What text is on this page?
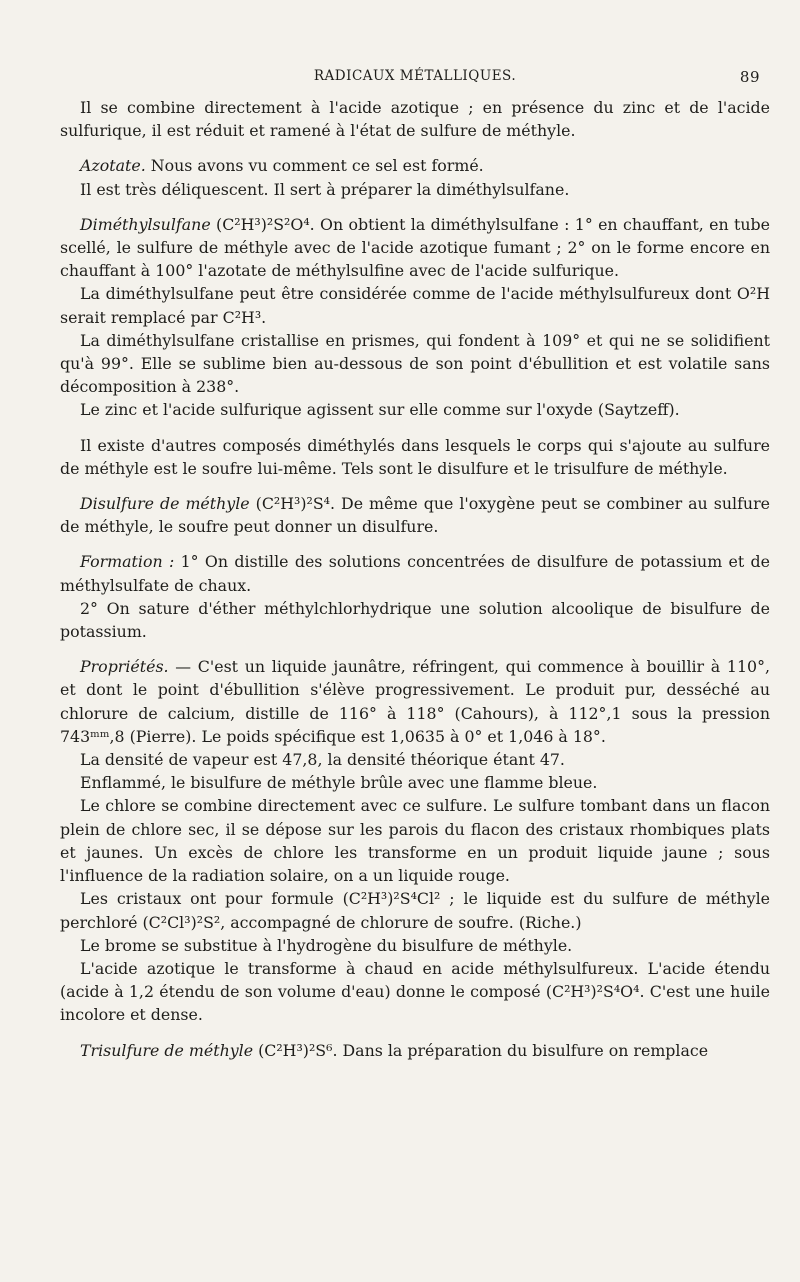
RADICAUX MÉTALLIQUES.	89

Il se combine directement à l'acide azotique ; en présence du zinc et de l'acide sulfurique, il est réduit et ramené à l'état de sulfure de méthyle.

Azotate. Nous avons vu comment ce sel est formé.

Il est très déliquescent. Il sert à préparer la diméthylsulfane.

Diméthylsulfane (C²H³)²S²O⁴. On obtient la diméthylsulfane : 1° en chauffant, en tube scellé, le sulfure de méthyle avec de l'acide azotique fumant ; 2° on le forme encore en chauffant à 100° l'azotate de méthylsulfine avec de l'acide sulfurique.

La diméthylsulfane peut être considérée comme de l'acide méthylsulfureux dont O²H serait remplacé par C²H³.

La diméthylsulfane cristallise en prismes, qui fondent à 109° et qui ne se solidifient qu'à 99°. Elle se sublime bien au-dessous de son point d'ébullition et est volatile sans décomposition à 238°.

Le zinc et l'acide sulfurique agissent sur elle comme sur l'oxyde (Saytzeff).

Il existe d'autres composés diméthylés dans lesquels le corps qui s'ajoute au sulfure de méthyle est le soufre lui-même. Tels sont le disulfure et le trisulfure de méthyle.

Disulfure de méthyle (C²H³)²S⁴. De même que l'oxygène peut se combiner au sulfure de méthyle, le soufre peut donner un disulfure.

Formation : 1° On distille des solutions concentrées de disulfure de potassium et de méthylsulfate de chaux.

2° On sature d'éther méthylchlorhydrique une solution alcoolique de bisulfure de potassium.

Propriétés. — C'est un liquide jaunâtre, réfringent, qui commence à bouillir à 110°, et dont le point d'ébullition s'élève progressivement. Le produit pur, desséché au chlorure de calcium, distille de 116° à 118° (Cahours), à 112°,1 sous la pression 743ᵐᵐ,8 (Pierre). Le poids spécifique est 1,0635 à 0° et 1,046 à 18°.

La densité de vapeur est 47,8, la densité théorique étant 47.

Enflammé, le bisulfure de méthyle brûle avec une flamme bleue.

Le chlore se combine directement avec ce sulfure. Le sulfure tombant dans un flacon plein de chlore sec, il se dépose sur les parois du flacon des cristaux rhombiques plats et jaunes. Un excès de chlore les transforme en un produit liquide jaune ; sous l'influence de la radiation solaire, on a un liquide rouge.

Les cristaux ont pour formule (C²H³)²S⁴Cl² ; le liquide est du sulfure de méthyle perchloré (C²Cl³)²S², accompagné de chlorure de soufre. (Riche.)

Le brome se substitue à l'hydrogène du bisulfure de méthyle.

L'acide azotique le transforme à chaud en acide méthylsulfureux. L'acide étendu (acide à 1,2 étendu de son volume d'eau) donne le composé (C²H³)²S⁴O⁴. C'est une huile incolore et dense.

Trisulfure de méthyle (C²H³)²S⁶. Dans la préparation du bisulfure on remplace
